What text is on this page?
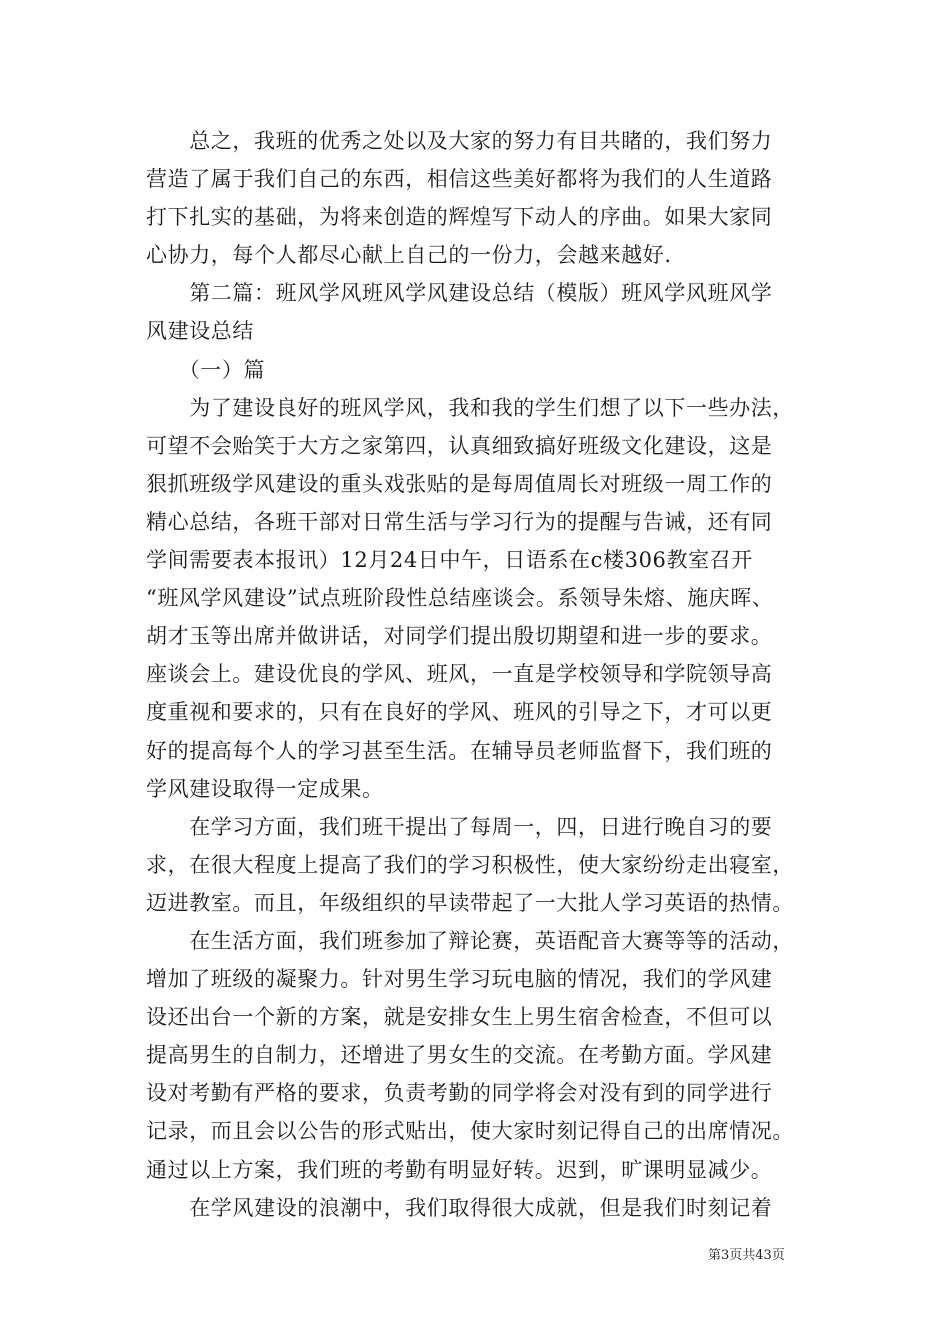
　　总之，我班的优秀之处以及大家的努力有目共睹的，我们努力
营造了属于我们自己的东西，相信这些美好都将为我们的人生道路
打下扎实的基础，为将来创造的辉煌写下动人的序曲。如果大家同
心协力，每个人都尽心献上自己的一份力，会越来越好.
　　第二篇：班风学风班风学风建设总结（模版）班风学风班风学
风建设总结
　　（一）篇
　　为了建设良好的班风学风，我和我的学生们想了以下一些办法，
可望不会贻笑于大方之家第四，认真细致搞好班级文化建设，这是
狠抓班级学风建设的重头戏张贴的是每周值周长对班级一周工作的
精心总结，各班干部对日常生活与学习行为的提醒与告诫，还有同
学间需要表本报讯）12月24日中午，日语系在c楼306教室召开
“班风学风建设”试点班阶段性总结座谈会。系领导朱熔、施庆晖、
胡才玉等出席并做讲话，对同学们提出殷切期望和进一步的要求。
座谈会上。建设优良的学风、班风，一直是学校领导和学院领导高
度重视和要求的，只有在良好的学风、班风的引导之下，才可以更
好的提高每个人的学习甚至生活。在辅导员老师监督下，我们班的
学风建设取得一定成果。
　　在学习方面，我们班干提出了每周一，四，日进行晚自习的要
求，在很大程度上提高了我们的学习积极性，使大家纷纷走出寝室，
迈进教室。而且，年级组织的早读带起了一大批人学习英语的热情。
　　在生活方面，我们班参加了辩论赛，英语配音大赛等等的活动，
增加了班级的凝聚力。针对男生学习玩电脑的情况，我们的学风建
设还出台一个新的方案，就是安排女生上男生宿舍检查，不但可以
提高男生的自制力，还增进了男女生的交流。在考勤方面。学风建
设对考勤有严格的要求，负责考勤的同学将会对没有到的同学进行
记录，而且会以公告的形式贴出，使大家时刻记得自己的出席情况。
通过以上方案，我们班的考勤有明显好转。迟到，旷课明显减少。
　　在学风建设的浪潮中，我们取得很大成就，但是我们时刻记着
第3页共43页
